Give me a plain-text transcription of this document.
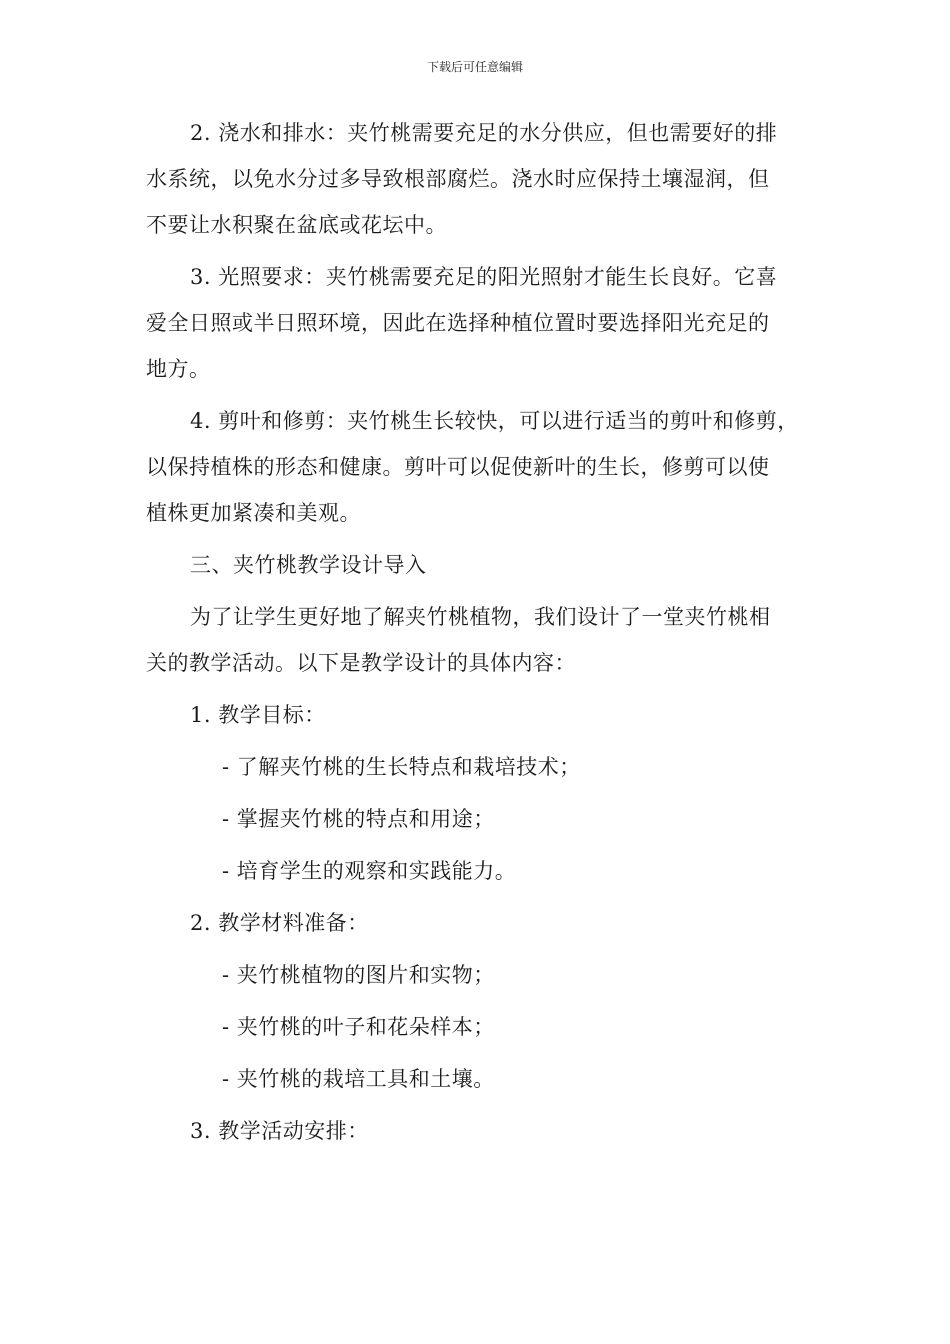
下载后可任意编辑
2. 浇水和排水：夹竹桃需要充足的水分供应，但也需要好的排
水系统，以免水分过多导致根部腐烂。浇水时应保持土壤湿润，但
不要让水积聚在盆底或花坛中。
3. 光照要求：夹竹桃需要充足的阳光照射才能生长良好。它喜
爱全日照或半日照环境，因此在选择种植位置时要选择阳光充足的
地方。
4. 剪叶和修剪：夹竹桃生长较快，可以进行适当的剪叶和修剪，
以保持植株的形态和健康。剪叶可以促使新叶的生长，修剪可以使
植株更加紧凑和美观。
三、夹竹桃教学设计导入
为了让学生更好地了解夹竹桃植物，我们设计了一堂夹竹桃相
关的教学活动。以下是教学设计的具体内容：
1. 教学目标：
- 了解夹竹桃的生长特点和栽培技术；
- 掌握夹竹桃的特点和用途；
- 培育学生的观察和实践能力。
2. 教学材料准备：
- 夹竹桃植物的图片和实物；
- 夹竹桃的叶子和花朵样本；
- 夹竹桃的栽培工具和土壤。
3. 教学活动安排：
